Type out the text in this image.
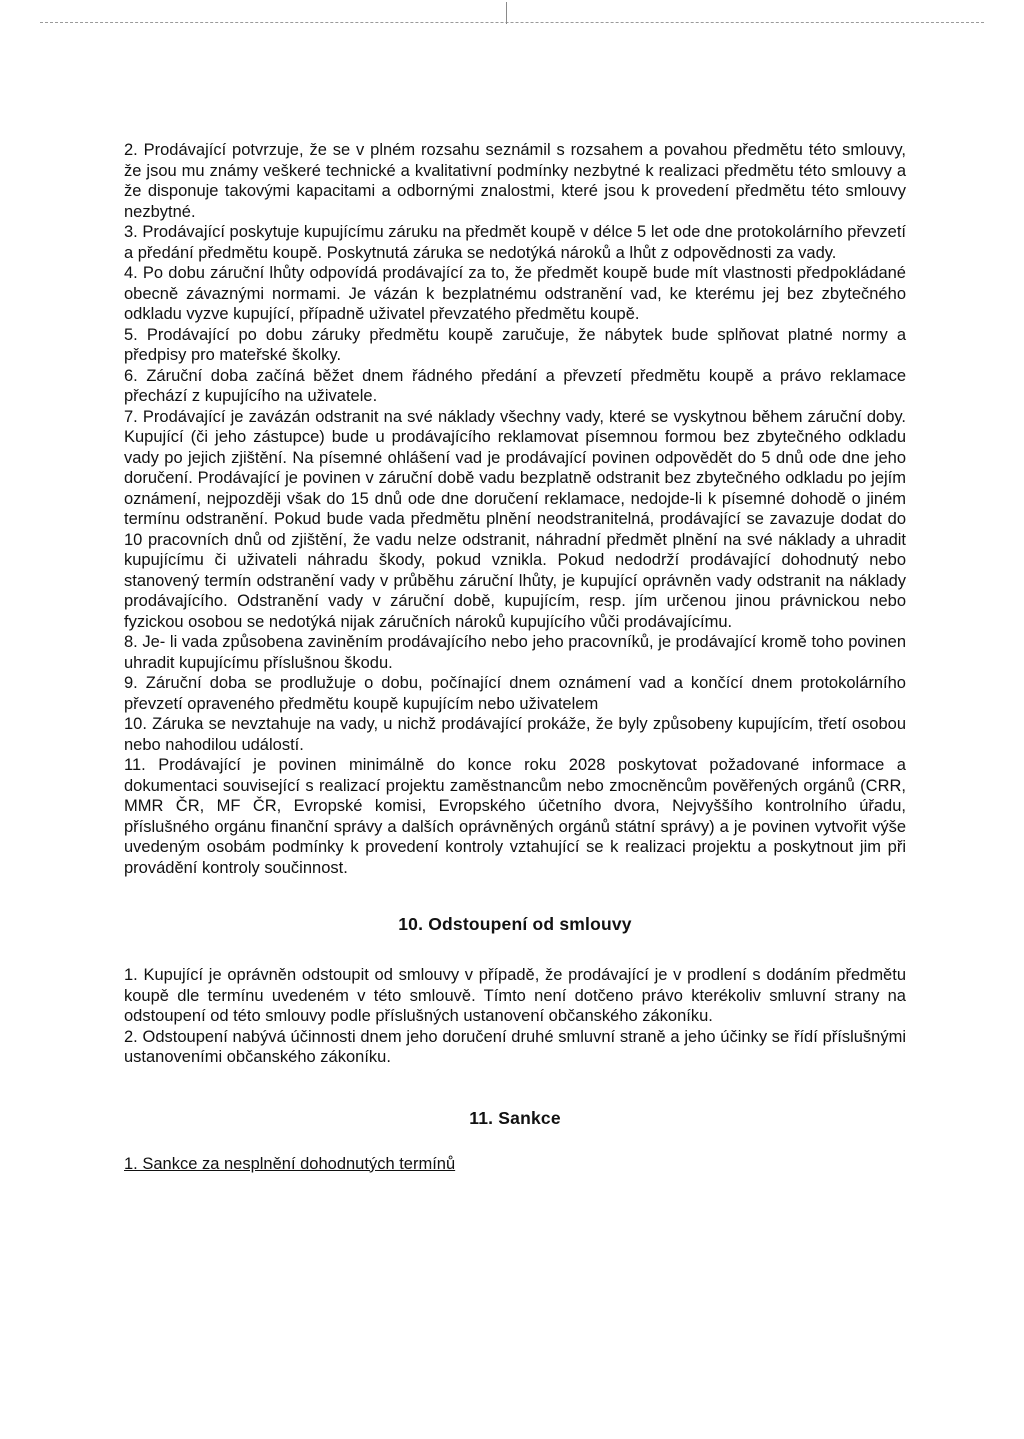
2. Prodávající potvrzuje, že se v plném rozsahu seznámil s rozsahem a povahou předmětu této smlouvy, že jsou mu známy veškeré technické a kvalitativní podmínky nezbytné k realizaci předmětu této smlouvy a že disponuje takovými kapacitami a odbornými znalostmi, které jsou k provedení předmětu této smlouvy nezbytné.

3. Prodávající poskytuje kupujícímu záruku na předmět koupě v délce 5 let ode dne protokolárního převzetí a předání předmětu koupě. Poskytnutá záruka se nedotýká nároků a lhůt z odpovědnosti za vady.

4. Po dobu záruční lhůty odpovídá prodávající za to, že předmět koupě bude mít vlastnosti předpokládané obecně závaznými normami. Je vázán k bezplatnému odstranění vad, ke kterému jej bez zbytečného odkladu vyzve kupující, případně uživatel převzatého předmětu koupě.

5. Prodávající po dobu záruky předmětu koupě zaručuje, že nábytek bude splňovat platné normy a předpisy pro mateřské školky.

6. Záruční doba začíná běžet dnem řádného předání a převzetí předmětu koupě a právo reklamace přechází z kupujícího na uživatele.

7. Prodávající je zavázán odstranit na své náklady všechny vady, které se vyskytnou během záruční doby. Kupující (či jeho zástupce) bude u prodávajícího reklamovat písemnou formou bez zbytečného odkladu vady po jejich zjištění. Na písemné ohlášení vad je prodávající povinen odpovědět do 5 dnů ode dne jeho doručení. Prodávající je povinen v záruční době vadu bezplatně odstranit bez zbytečného odkladu po jejím oznámení, nejpozději však do 15 dnů ode dne doručení reklamace, nedojde-li k písemné dohodě o jiném termínu odstranění. Pokud bude vada předmětu plnění neodstranitelná, prodávající se zavazuje dodat do 10 pracovních dnů od zjištění, že vadu nelze odstranit, náhradní předmět plnění na své náklady a uhradit kupujícímu či uživateli náhradu škody, pokud vznikla. Pokud nedodrží prodávající dohodnutý nebo stanovený termín odstranění vady v průběhu záruční lhůty, je kupující oprávněn vady odstranit na náklady prodávajícího. Odstranění vady v záruční době, kupujícím, resp. jím určenou jinou právnickou nebo fyzickou osobou se nedotýká nijak záručních nároků kupujícího vůči prodávajícímu.

8. Je- li vada způsobena zaviněním prodávajícího nebo jeho pracovníků, je prodávající kromě toho povinen uhradit kupujícímu příslušnou škodu.

9. Záruční doba se prodlužuje o dobu, počínající dnem oznámení vad a končící dnem protokolárního převzetí opraveného předmětu koupě kupujícím nebo uživatelem

10. Záruka se nevztahuje na vady, u nichž prodávající prokáže, že byly způsobeny kupujícím, třetí osobou nebo nahodilou událostí.

11. Prodávající je povinen minimálně do konce roku 2028 poskytovat požadované informace a dokumentaci související s realizací projektu zaměstnancům nebo zmocněncům pověřených orgánů (CRR, MMR ČR, MF ČR, Evropské komisi, Evropského účetního dvora, Nejvyššího kontrolního úřadu, příslušného orgánu finanční správy a dalších oprávněných orgánů státní správy) a je povinen vytvořit výše uvedeným osobám podmínky k provedení kontroly vztahující se k realizaci projektu a poskytnout jim při provádění kontroly součinnost.

10. Odstoupení od smlouvy

1. Kupující je oprávněn odstoupit od smlouvy v případě, že prodávající je v prodlení s dodáním předmětu koupě dle termínu uvedeném v této smlouvě. Tímto není dotčeno právo kterékoliv smluvní strany na odstoupení od této smlouvy podle příslušných ustanovení občanského zákoníku.

2. Odstoupení nabývá účinnosti dnem jeho doručení druhé smluvní straně a jeho účinky se řídí příslušnými ustanoveními občanského zákoníku.

11. Sankce

1. Sankce za nesplnění dohodnutých termínů
